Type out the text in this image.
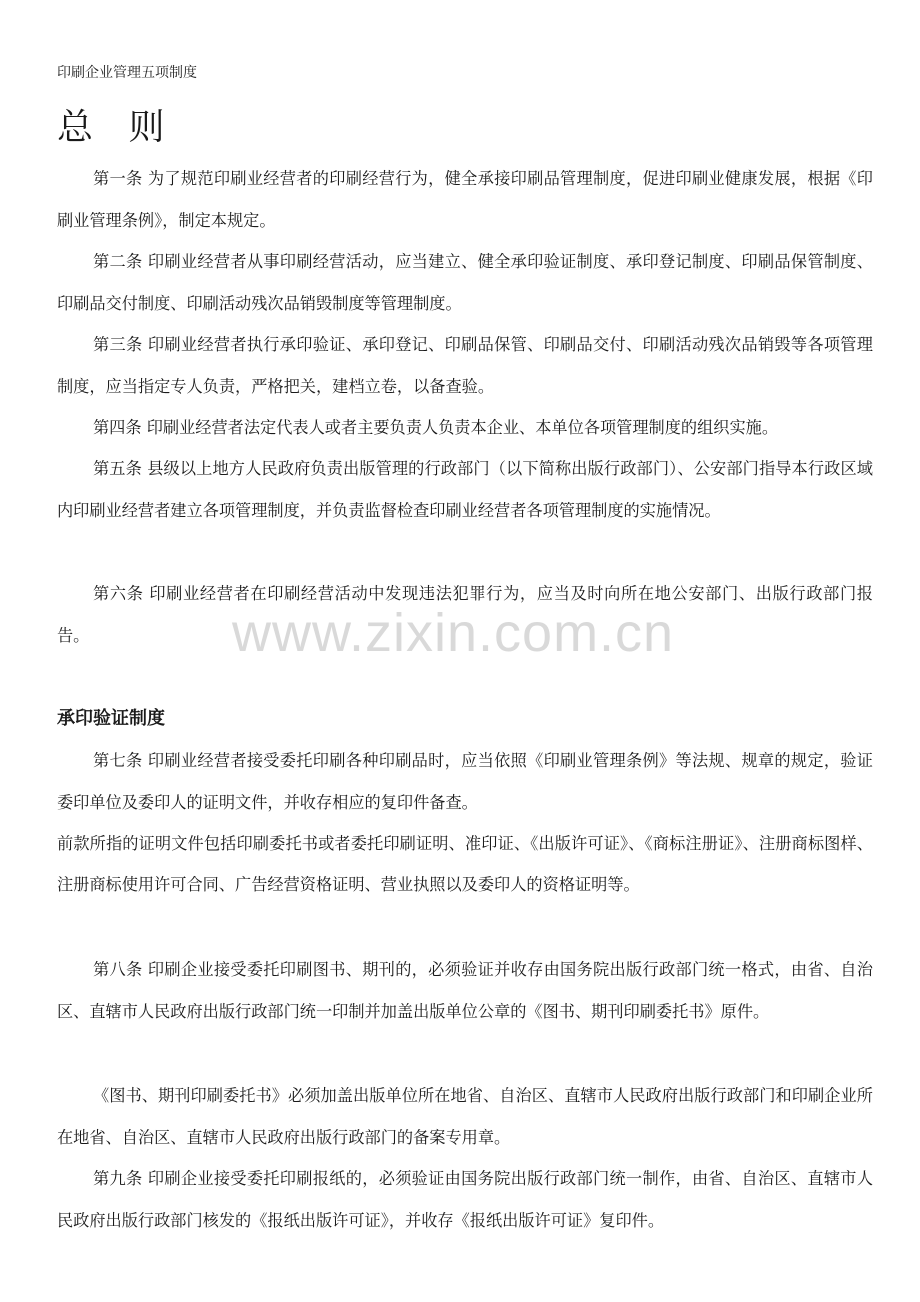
印刷企业管理五项制度
总 则

第一条 为了规范印刷业经营者的印刷经营行为，健全承接印刷品管理制度，促进印刷业健康发展，根据《印刷业管理条例》，制定本规定。

第二条 印刷业经营者从事印刷经营活动，应当建立、健全承印验证制度、承印登记制度、印刷品保管制度、印刷品交付制度、印刷活动残次品销毁制度等管理制度。

第三条 印刷业经营者执行承印验证、承印登记、印刷品保管、印刷品交付、印刷活动残次品销毁等各项管理制度，应当指定专人负责，严格把关，建档立卷，以备查验。

第四条 印刷业经营者法定代表人或者主要负责人负责本企业、本单位各项管理制度的组织实施。

第五条 县级以上地方人民政府负责出版管理的行政部门（以下简称出版行政部门）、公安部门指导本行政区域内印刷业经营者建立各项管理制度，并负责监督检查印刷业经营者各项管理制度的实施情况。

第六条 印刷业经营者在印刷经营活动中发现违法犯罪行为，应当及时向所在地公安部门、出版行政部门报告。	www.zixin.com.cn
承印验证制度

第七条 印刷业经营者接受委托印刷各种印刷品时，应当依照《印刷业管理条例》等法规、规章的规定，验证委印单位及委印人的证明文件，并收存相应的复印件备查。

前款所指的证明文件包括印刷委托书或者委托印刷证明、准印证、《出版许可证》、《商标注册证》、注册商标图样、注册商标使用许可合同、广告经营资格证明、营业执照以及委印人的资格证明等。

第八条 印刷企业接受委托印刷图书、期刊的，必须验证并收存由国务院出版行政部门统一格式，由省、自治区、直辖市人民政府出版行政部门统一印制并加盖出版单位公章的《图书、期刊印刷委托书》原件。

《图书、期刊印刷委托书》必须加盖出版单位所在地省、自治区、直辖市人民政府出版行政部门和印刷企业所在地省、自治区、直辖市人民政府出版行政部门的备案专用章。

第九条 印刷企业接受委托印刷报纸的，必须验证由国务院出版行政部门统一制作，由省、自治区、直辖市人民政府出版行政部门核发的《报纸出版许可证》，并收存《报纸出版许可证》复印件。
